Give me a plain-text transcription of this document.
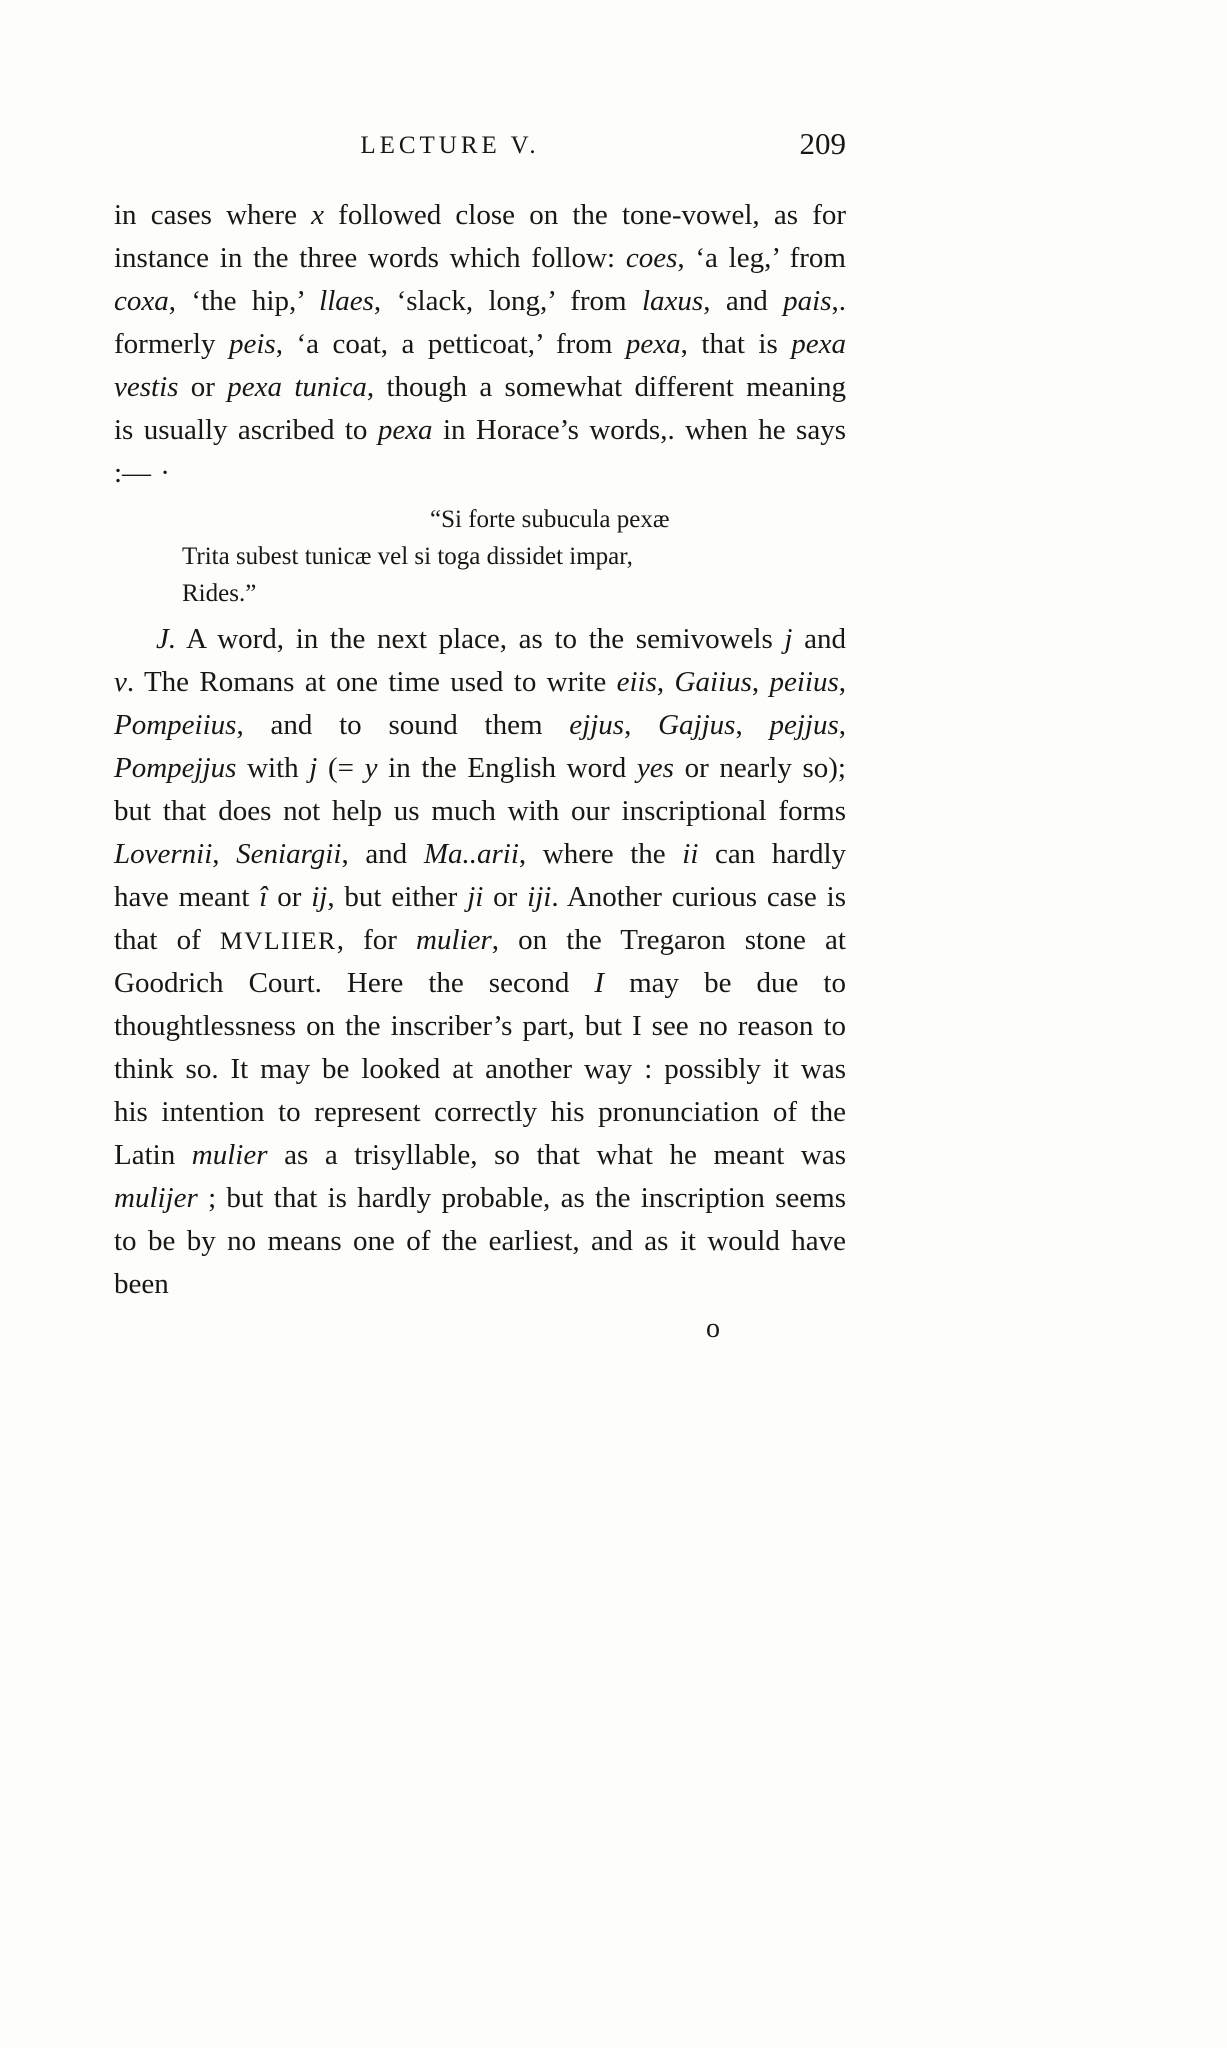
LECTURE V.	209

in cases where x followed close on the tone-vowel, as for instance in the three words which follow: coes, ‘a leg,’ from coxa, ‘the hip,’ llaes, ‘slack, long,’ from laxus, and pais,. formerly peis, ‘a coat, a petticoat,’ from pexa, that is pexa vestis or pexa tunica, though a somewhat different meaning is usually ascribed to pexa in Horace’s words,. when he says :— ·

“Si forte subucula pexæ
Trita subest tunicæ vel si toga dissidet impar,
Rides.”

J. A word, in the next place, as to the semivowels j and v. The Romans at one time used to write eiis, Gaiius, peiius, Pompeiius, and to sound them ejjus, Gajjus, pejjus, Pompejjus with j (= y in the English word yes or nearly so); but that does not help us much with our inscriptional forms Lovernii, Seniargii, and Ma..arii, where the ii can hardly have meant î or ij, but either ji or iji. Another curious case is that of MVLIIER, for mulier, on the Tregaron stone at Goodrich Court. Here the second I may be due to thoughtlessness on the inscriber’s part, but I see no reason to think so. It may be looked at another way : possibly it was his intention to represent correctly his pronunciation of the Latin mulier as a trisyllable, so that what he meant was mulijer ; but that is hardly probable, as the inscription seems to be by no means one of the earliest, and as it would have been

o
